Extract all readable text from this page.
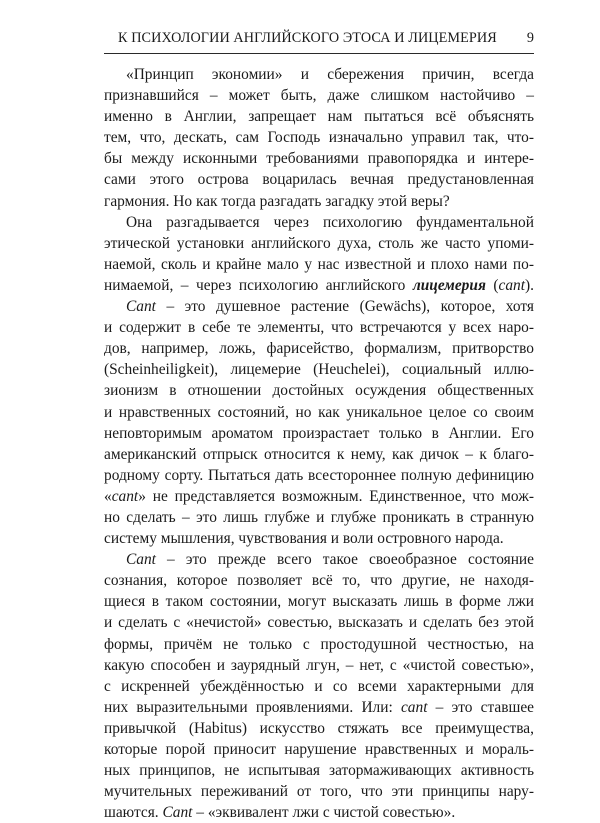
К ПСИХОЛОГИИ АНГЛИЙСКОГО ЭТОСА И ЛИЦЕМЕРИЯ 9
«Принцип экономии» и сбережения причин, всегда
признавшийся – может быть, даже слишком настойчиво –
именно в Англии, запрещает нам пытаться всё объяснять
тем, что, дескать, сам Господь изначально управил так, что-
бы между исконными требованиями правопорядка и интере-
сами этого острова воцарилась вечная предустановленная
гармония. Но как тогда разгадать загадку этой веры?
Она разгадывается через психологию фундаментальной
этической установки английского духа, столь же часто упоми-
наемой, сколь и крайне мало у нас известной и плохо нами по-
нимаемой, – через психологию английского лицемерия (cant).
Cant – это душевное растение (Gewächs), которое, хотя
и содержит в себе те элементы, что встречаются у всех наро-
дов, например, ложь, фарисейство, формализм, притворство
(Scheinheiligkeit), лицемерие (Heuchelei), социальный иллю-
зионизм в отношении достойных осуждения общественных
и нравственных состояний, но как уникальное целое со своим
неповторимым ароматом произрастает только в Англии. Его
американский отпрыск относится к нему, как дичок – к благо-
родному сорту. Пытаться дать всестороннее полную дефиницию
«cant» не представляется возможным. Единственное, что мож-
но сделать – это лишь глубже и глубже проникать в странную
систему мышления, чувствования и воли островного народа.
Cant – это прежде всего такое своеобразное состояние
сознания, которое позволяет всё то, что другие, не находя-
щиеся в таком состоянии, могут высказать лишь в форме лжи
и сделать с «нечистой» совестью, высказать и сделать без этой
формы, причём не только с простодушной честностью, на
какую способен и заурядный лгун, – нет, с «чистой совестью»,
с искренней убеждённостью и со всеми характерными для
них выразительными проявлениями. Или: cant – это ставшее
привычкой (Habitus) искусство стяжать все преимущества,
которые порой приносит нарушение нравственных и мораль-
ных принципов, не испытывая затормаживающих активность
мучительных переживаний от того, что эти принципы нару-
шаются. Cant – «эквивалент лжи с чистой совестью».
